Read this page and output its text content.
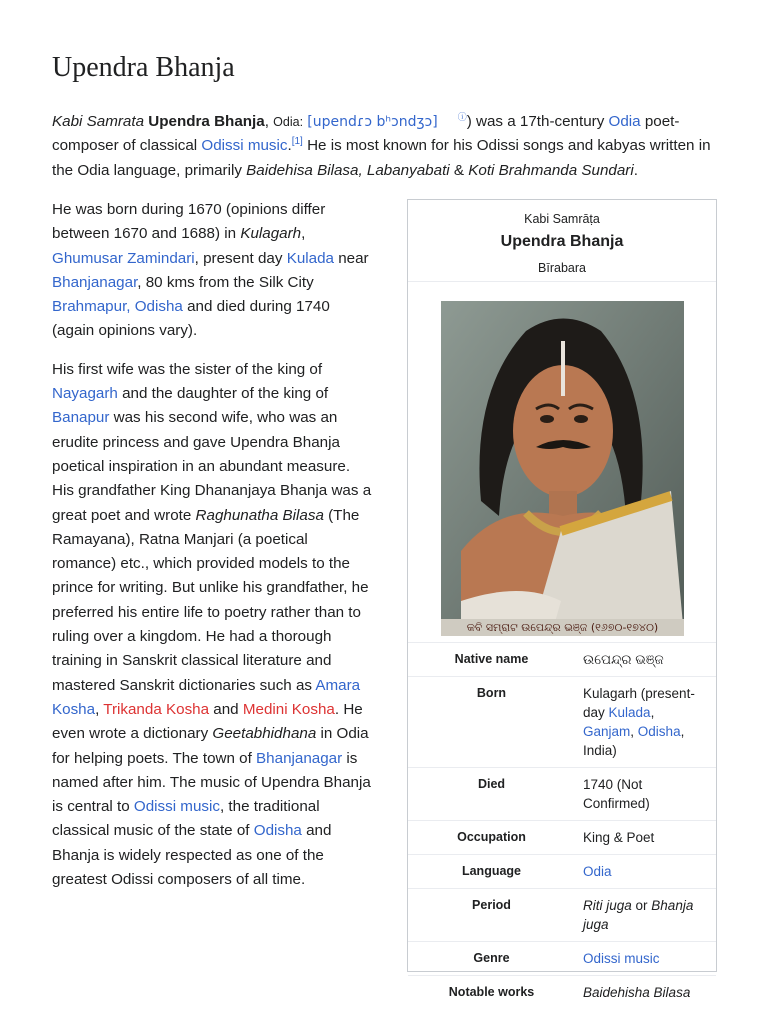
Upendra Bhanja

Kabi Samrata Upendra Bhanja, Odia: [upendɾɔ bʰɔndʒɔ] ⓘ) was a 17th-century Odia poet-composer of classical Odissi music.[1] He is most known for his Odissi songs and kabyas written in the Odia language, primarily Baidehisa Bilasa, Labanyabati & Koti Brahmanda Sundari.

He was born during 1670 (opinions differ between 1670 and 1688) in Kulagarh, Ghumusar Zamindari, present day Kulada near Bhanjanagar, 80 kms from the Silk City Brahmapur, Odisha and died during 1740 (again opinions vary).

His first wife was the sister of the king of Nayagarh and the daughter of the king of Banapur was his second wife, who was an erudite princess and gave Upendra Bhanja poetical inspiration in an abundant measure. His grandfather King Dhananjaya Bhanja was a great poet and wrote Raghunatha Bilasa (The Ramayana), Ratna Manjari (a poetical romance) etc., which provided models to the prince for writing. But unlike his grandfather, he preferred his entire life to poetry rather than to ruling over a kingdom. He had a thorough training in Sanskrit classical literature and mastered Sanskrit dictionaries such as Amara Kosha, Trikanda Kosha and Medini Kosha. He even wrote a dictionary Geetabhidhana in Odia for helping poets. The town of Bhanjanagar is named after him. The music of Upendra Bhanja is central to Odissi music, the traditional classical music of the state of Odisha and Bhanja is widely respected as one of the greatest Odissi composers of all time.

Kabi Samrāṭa
Upendra Bhanja
Bīrabara
କବି ସମ୍ରାଟ ଉପେନ୍ଦ୍ର ଭଞ୍ଜ (୧୬୭୦-୧୭୪୦)
Native name	ଉପେନ୍ଦ୍ର ଭଞ୍ଜ
Born	Kulagarh (present-day Kulada, Ganjam, Odisha, India)
Died	1740 (Not Confirmed)
Occupation	King & Poet
Language	Odia
Period	Riti juga or Bhanja juga
Genre	Odissi music
Notable works	Baidehisha Bilasa
